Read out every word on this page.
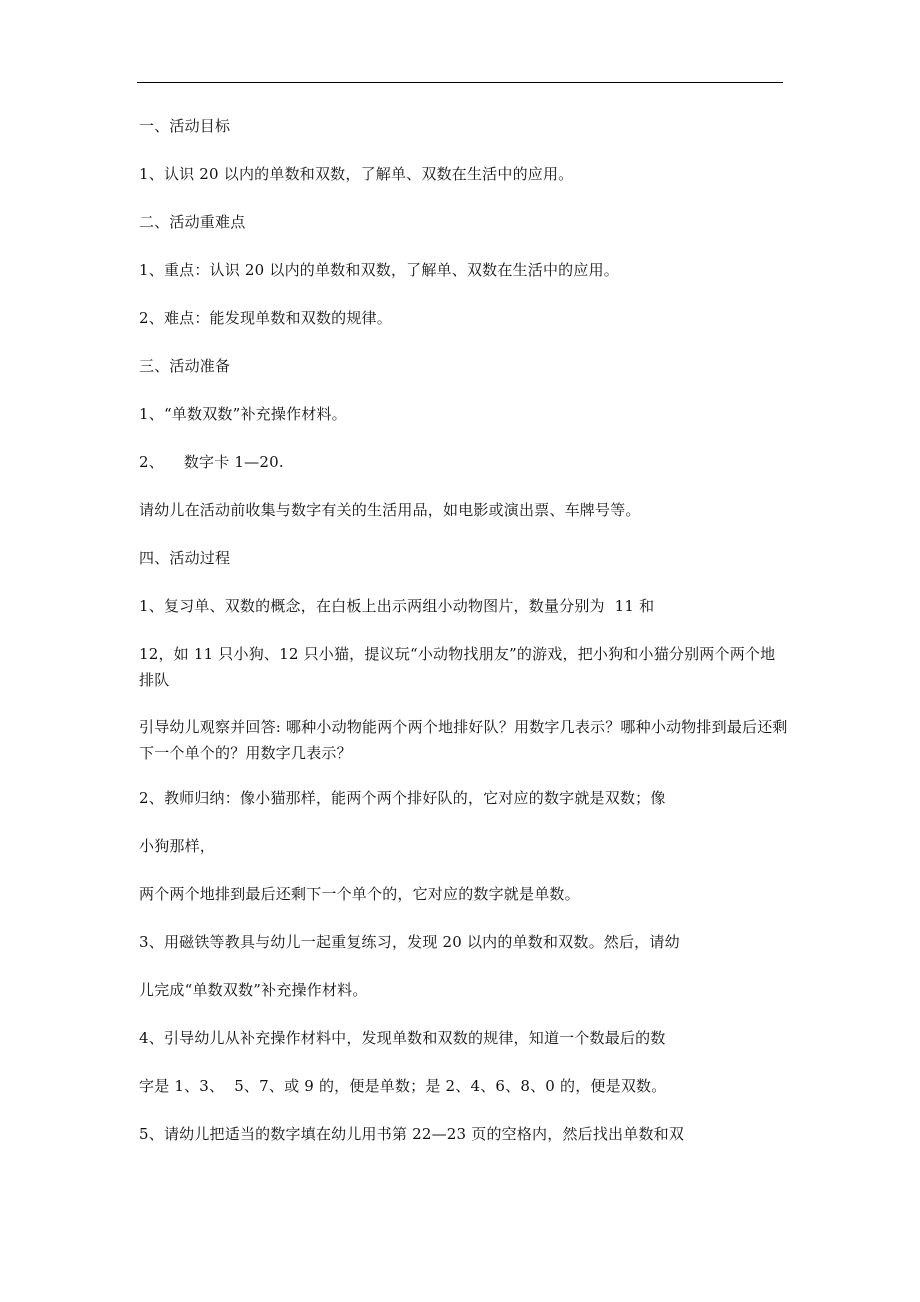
一、活动目标

1、认识 20 以内的单数和双数，了解单、双数在生活中的应用。

二、活动重难点

1、重点：认识 20 以内的单数和双数，了解单、双数在生活中的应用。

2、难点：能发现单数和双数的规律。

三、活动准备

1、“单数双数”补充操作材料。

2、    数字卡 1—20.

请幼儿在活动前收集与数字有关的生活用品，如电影或演出票、车牌号等。

四、活动过程

1、复习单、双数的概念，在白板上出示两组小动物图片，数量分别为  11 和

12，如 11 只小狗、12 只小猫，提议玩“小动物找朋友”的游戏，把小狗和小猫分别两个两个地排队

引导幼儿观察并回答: 哪种小动物能两个两个地排好队？用数字几表示？哪种小动物排到最后还剩下一个单个的？用数字几表示？

2、教师归纳：像小猫那样，能两个两个排好队的，它对应的数字就是双数；像

小狗那样，

两个两个地排到最后还剩下一个单个的，它对应的数字就是单数。

3、用磁铁等教具与幼儿一起重复练习，发现 20 以内的单数和双数。然后，请幼

儿完成“单数双数”补充操作材料。

4、引导幼儿从补充操作材料中，发现单数和双数的规律，知道一个数最后的数

字是 1、3、  5、7、或 9 的，便是单数；是 2、4、6、8、0 的，便是双数。

5、请幼儿把适当的数字填在幼儿用书第 22—23 页的空格内，然后找出单数和双
